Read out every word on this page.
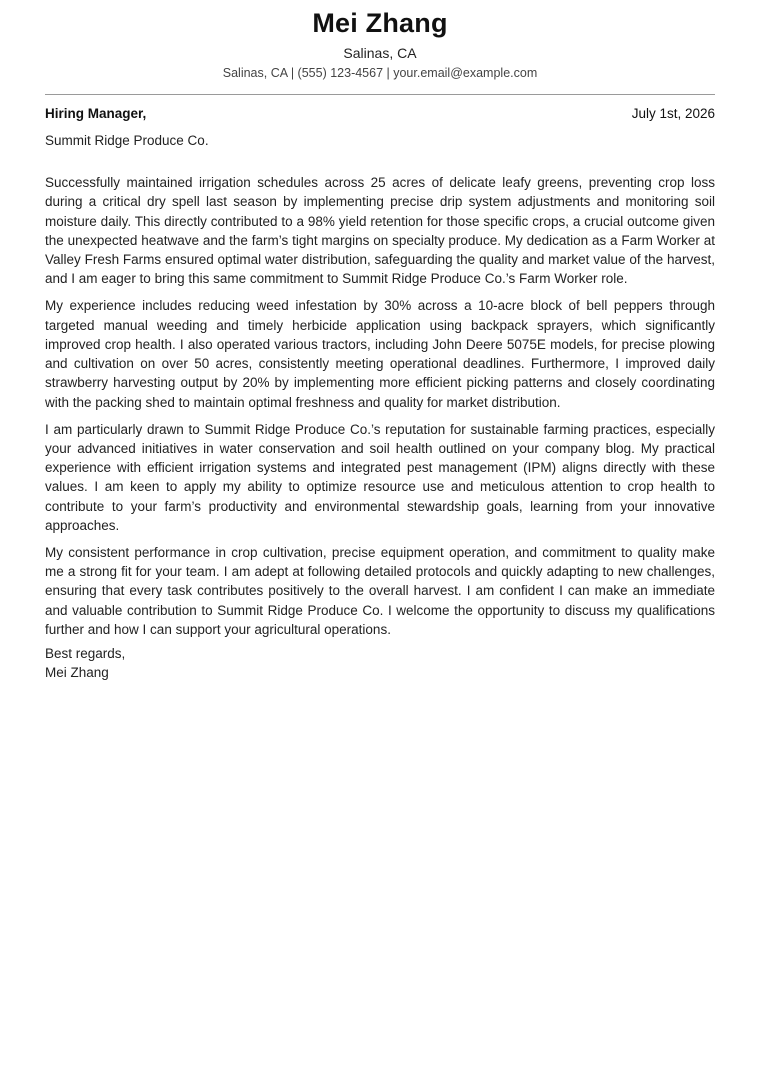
Mei Zhang
Salinas, CA
Salinas, CA | (555) 123-4567 | your.email@example.com
Hiring Manager,	July 1st, 2026
Summit Ridge Produce Co.

Successfully maintained irrigation schedules across 25 acres of delicate leafy greens, preventing crop loss during a critical dry spell last season by implementing precise drip system adjustments and monitoring soil moisture daily. This directly contributed to a 98% yield retention for those specific crops, a crucial outcome given the unexpected heatwave and the farm’s tight margins on specialty produce. My dedication as a Farm Worker at Valley Fresh Farms ensured optimal water distribution, safeguarding the quality and market value of the harvest, and I am eager to bring this same commitment to Summit Ridge Produce Co.’s Farm Worker role.

My experience includes reducing weed infestation by 30% across a 10-acre block of bell peppers through targeted manual weeding and timely herbicide application using backpack sprayers, which significantly improved crop health. I also operated various tractors, including John Deere 5075E models, for precise plowing and cultivation on over 50 acres, consistently meeting operational deadlines. Furthermore, I improved daily strawberry harvesting output by 20% by implementing more efficient picking patterns and closely coordinating with the packing shed to maintain optimal freshness and quality for market distribution.

I am particularly drawn to Summit Ridge Produce Co.’s reputation for sustainable farming practices, especially your advanced initiatives in water conservation and soil health outlined on your company blog. My practical experience with efficient irrigation systems and integrated pest management (IPM) aligns directly with these values. I am keen to apply my ability to optimize resource use and meticulous attention to crop health to contribute to your farm’s productivity and environmental stewardship goals, learning from your innovative approaches.

My consistent performance in crop cultivation, precise equipment operation, and commitment to quality make me a strong fit for your team. I am adept at following detailed protocols and quickly adapting to new challenges, ensuring that every task contributes positively to the overall harvest. I am confident I can make an immediate and valuable contribution to Summit Ridge Produce Co. I welcome the opportunity to discuss my qualifications further and how I can support your agricultural operations.

Best regards,
Mei Zhang
